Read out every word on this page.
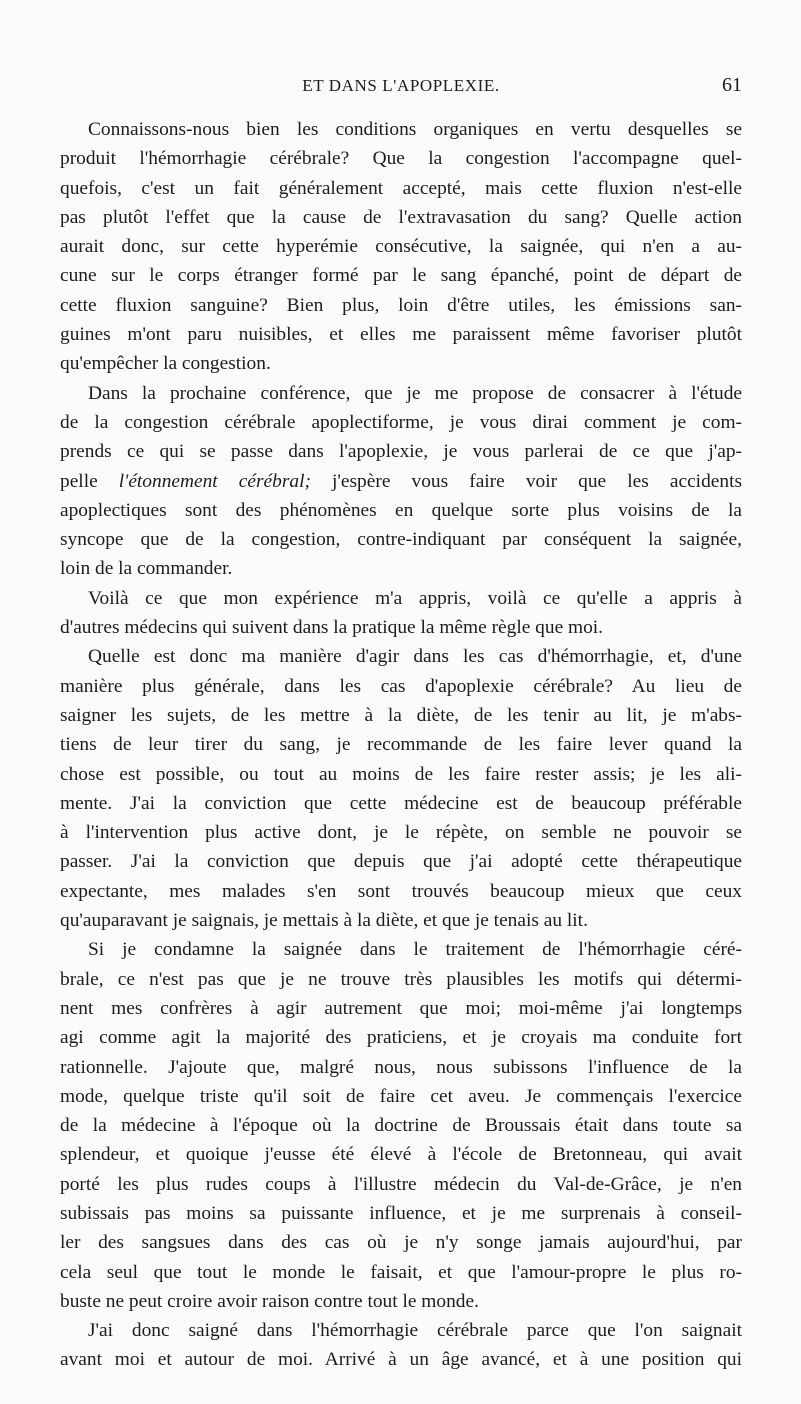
ET DANS L'APOPLEXIE.	61
Connaissons-nous bien les conditions organiques en vertu desquelles se
produit l'hémorrhagie cérébrale? Que la congestion l'accompagne quel-
quefois, c'est un fait généralement accepté, mais cette fluxion n'est-elle
pas plutôt l'effet que la cause de l'extravasation du sang? Quelle action
aurait donc, sur cette hyperémie consécutive, la saignée, qui n'en a au-
cune sur le corps étranger formé par le sang épanché, point de départ de
cette fluxion sanguine? Bien plus, loin d'être utiles, les émissions san-
guines m'ont paru nuisibles, et elles me paraissent même favoriser plutôt
qu'empêcher la congestion.
Dans la prochaine conférence, que je me propose de consacrer à l'étude
de la congestion cérébrale apoplectiforme, je vous dirai comment je com-
prends ce qui se passe dans l'apoplexie, je vous parlerai de ce que j'ap-
pelle l'étonnement cérébral; j'espère vous faire voir que les accidents
apoplectiques sont des phénomènes en quelque sorte plus voisins de la
syncope que de la congestion, contre-indiquant par conséquent la saignée,
loin de la commander.
Voilà ce que mon expérience m'a appris, voilà ce qu'elle a appris à
d'autres médecins qui suivent dans la pratique la même règle que moi.
Quelle est donc ma manière d'agir dans les cas d'hémorrhagie, et, d'une
manière plus générale, dans les cas d'apoplexie cérébrale? Au lieu de
saigner les sujets, de les mettre à la diète, de les tenir au lit, je m'abs-
tiens de leur tirer du sang, je recommande de les faire lever quand la
chose est possible, ou tout au moins de les faire rester assis; je les ali-
mente. J'ai la conviction que cette médecine est de beaucoup préférable
à l'intervention plus active dont, je le répète, on semble ne pouvoir se
passer. J'ai la conviction que depuis que j'ai adopté cette thérapeutique
expectante, mes malades s'en sont trouvés beaucoup mieux que ceux
qu'auparavant je saignais, je mettais à la diète, et que je tenais au lit.
Si je condamne la saignée dans le traitement de l'hémorrhagie céré-
brale, ce n'est pas que je ne trouve très plausibles les motifs qui détermi-
nent mes confrères à agir autrement que moi; moi-même j'ai longtemps
agi comme agit la majorité des praticiens, et je croyais ma conduite fort
rationnelle. J'ajoute que, malgré nous, nous subissons l'influence de la
mode, quelque triste qu'il soit de faire cet aveu. Je commençais l'exercice
de la médecine à l'époque où la doctrine de Broussais était dans toute sa
splendeur, et quoique j'eusse été élevé à l'école de Bretonneau, qui avait
porté les plus rudes coups à l'illustre médecin du Val-de-Grâce, je n'en
subissais pas moins sa puissante influence, et je me surprenais à conseil-
ler des sangsues dans des cas où je n'y songe jamais aujourd'hui, par
cela seul que tout le monde le faisait, et que l'amour-propre le plus ro-
buste ne peut croire avoir raison contre tout le monde.
J'ai donc saigné dans l'hémorrhagie cérébrale parce que l'on saignait
avant moi et autour de moi. Arrivé à un âge avancé, et à une position qui
